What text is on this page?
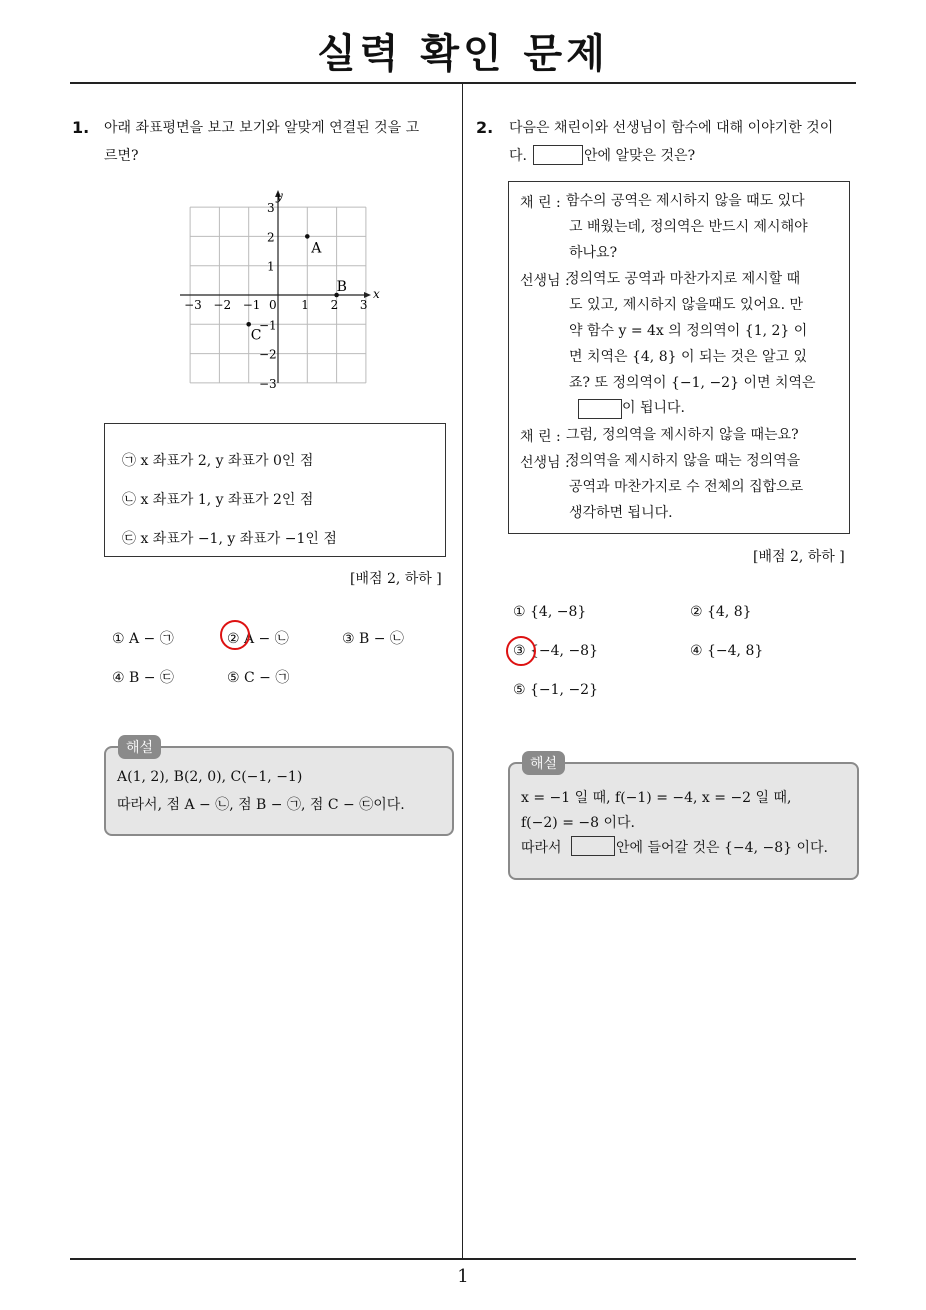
실력 확인 문제
1
1. 아래 좌표평면을 보고 보기와 알맞게 연결된 것을 고
르면?
x
y
−3 −2 −1 0 1 2 3
3
2
1
−1
−2
−3
A
B
C
㉠ x 좌표가 2, y 좌표가 0인 점
㉡ x 좌표가 1, y 좌표가 2인 점
㉢ x 좌표가 −1, y 좌표가 −1인 점
[배점 2, 하하 ]
① A − ㉠	② A − ㉡	③ B − ㉡
④ B − ㉢	⑤ C − ㉠
해설
A(1, 2), B(2, 0), C(−1, −1)
따라서, 점 A − ㉡, 점 B − ㉠, 점 C − ㉢이다.
2. 다음은 채린이와 선생님이 함수에 대해 이야기한 것이
다.	안에 알맞은 것은?
채 린 : 함수의 공역은 제시하지 않을 때도 있다
고 배웠는데, 정의역은 반드시 제시해야
하나요?
선생님 :
정의역도 공역과 마찬가지로 제시할 때
도 있고, 제시하지 않을때도 있어요. 만
약 함수 y = 4x 의 정의역이 {1, 2} 이
면 치역은 {4, 8} 이 되는 것은 알고 있
죠? 또 정의역이 {−1, −2} 이면 치역은
채 린 : 그럼, 정의역을 제시하지 않을 때는요?
선생님 :
정의역을 제시하지 않을 때는 정의역을
공역과 마찬가지로 수 전체의 집합으로
생각하면 됩니다.
이 됩니다.
[배점 2, 하하 ]
① {4, −8}	② {4, 8}
③ {−4, −8}	④ {−4, 8}
⑤ {−1, −2}
해설
x = −1 일 때, f(−1) = −4, x = −2 일 때,
f(−2) = −8 이다.
따라서	안에 들어갈 것은 {−4, −8} 이다.
